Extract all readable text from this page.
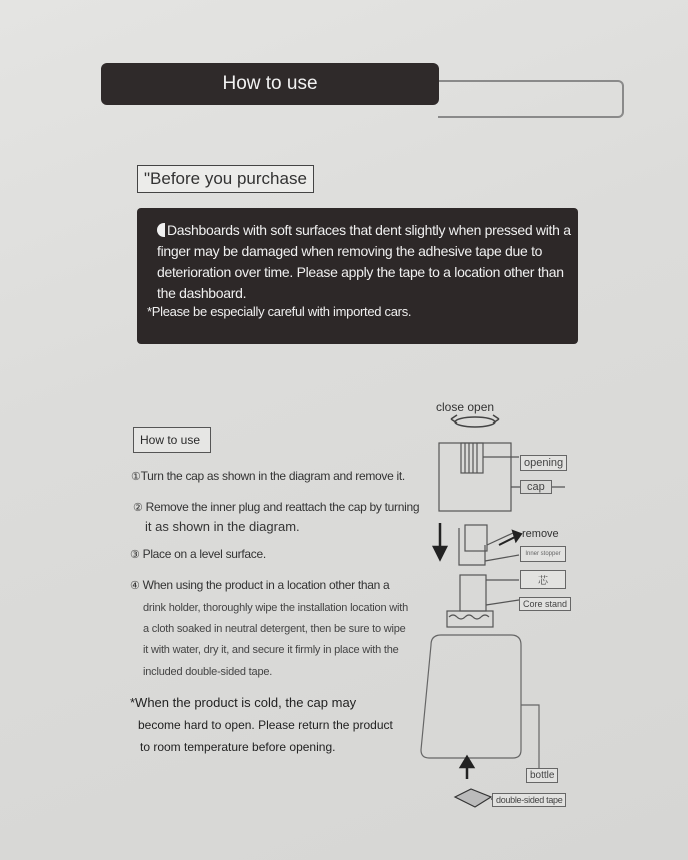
How to use
"Before you purchase
Dashboards with soft surfaces that dent slightly when pressed with a finger may be damaged when removing the adhesive tape due to deterioration over time. Please apply the tape to a location other than the dashboard.
*Please be especially careful with imported cars.
How to use
①Turn the cap as shown in the diagram and remove it.
② Remove the inner plug and reattach the cap by turning
it as shown in the diagram.
③ Place on a level surface.
④ When using the product in a location other than a
drink holder, thoroughly wipe the installation location with
a cloth soaked in neutral detergent, then be sure to wipe
it with water, dry it, and secure it firmly in place with the
included double-sided tape.
*When the product is cold, the cap may
become hard to open. Please return the product
to room temperature before opening.
close open
opening
cap
remove
Inner stopper
芯
Core stand
bottle
double-sided tape
